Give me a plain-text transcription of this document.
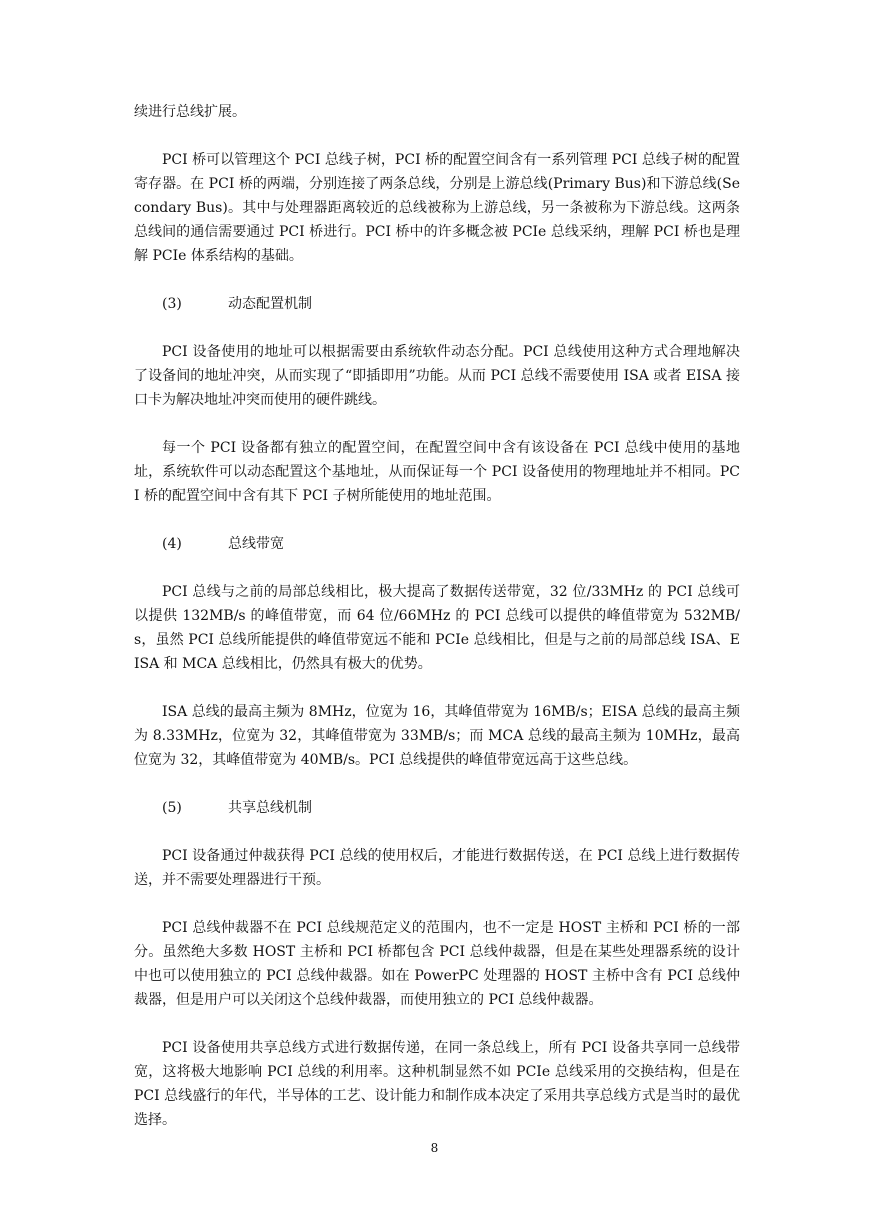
续进行总线扩展。

PCI 桥可以管理这个 PCI 总线子树，PCI 桥的配置空间含有一系列管理 PCI 总线子树的配置寄存器。在 PCI 桥的两端，分别连接了两条总线，分别是上游总线(Primary Bus)和下游总线(Secondary Bus)。其中与处理器距离较近的总线被称为上游总线，另一条被称为下游总线。这两条总线间的通信需要通过 PCI 桥进行。PCI 桥中的许多概念被 PCIe 总线采纳，理解 PCI 桥也是理解 PCIe 体系结构的基础。

(3)	动态配置机制

PCI 设备使用的地址可以根据需要由系统软件动态分配。PCI 总线使用这种方式合理地解决了设备间的地址冲突，从而实现了“即插即用”功能。从而 PCI 总线不需要使用 ISA 或者 EISA 接口卡为解决地址冲突而使用的硬件跳线。

每一个 PCI 设备都有独立的配置空间，在配置空间中含有该设备在 PCI 总线中使用的基地址，系统软件可以动态配置这个基地址，从而保证每一个 PCI 设备使用的物理地址并不相同。PCI 桥的配置空间中含有其下 PCI 子树所能使用的地址范围。

(4)	总线带宽

PCI 总线与之前的局部总线相比，极大提高了数据传送带宽，32 位/33MHz 的 PCI 总线可以提供 132MB/s 的峰值带宽，而 64 位/66MHz 的 PCI 总线可以提供的峰值带宽为 532MB/s，虽然 PCI 总线所能提供的峰值带宽远不能和 PCIe 总线相比，但是与之前的局部总线 ISA、EISA 和 MCA 总线相比，仍然具有极大的优势。

ISA 总线的最高主频为 8MHz，位宽为 16，其峰值带宽为 16MB/s；EISA 总线的最高主频为 8.33MHz，位宽为 32，其峰值带宽为 33MB/s；而 MCA 总线的最高主频为 10MHz，最高位宽为 32，其峰值带宽为 40MB/s。PCI 总线提供的峰值带宽远高于这些总线。

(5)	共享总线机制

PCI 设备通过仲裁获得 PCI 总线的使用权后，才能进行数据传送，在 PCI 总线上进行数据传送，并不需要处理器进行干预。

PCI 总线仲裁器不在 PCI 总线规范定义的范围内，也不一定是 HOST 主桥和 PCI 桥的一部分。虽然绝大多数 HOST 主桥和 PCI 桥都包含 PCI 总线仲裁器，但是在某些处理器系统的设计中也可以使用独立的 PCI 总线仲裁器。如在 PowerPC 处理器的 HOST 主桥中含有 PCI 总线仲裁器，但是用户可以关闭这个总线仲裁器，而使用独立的 PCI 总线仲裁器。

PCI 设备使用共享总线方式进行数据传递，在同一条总线上，所有 PCI 设备共享同一总线带宽，这将极大地影响 PCI 总线的利用率。这种机制显然不如 PCIe 总线采用的交换结构，但是在 PCI 总线盛行的年代，半导体的工艺、设计能力和制作成本决定了采用共享总线方式是当时的最优选择。

8
